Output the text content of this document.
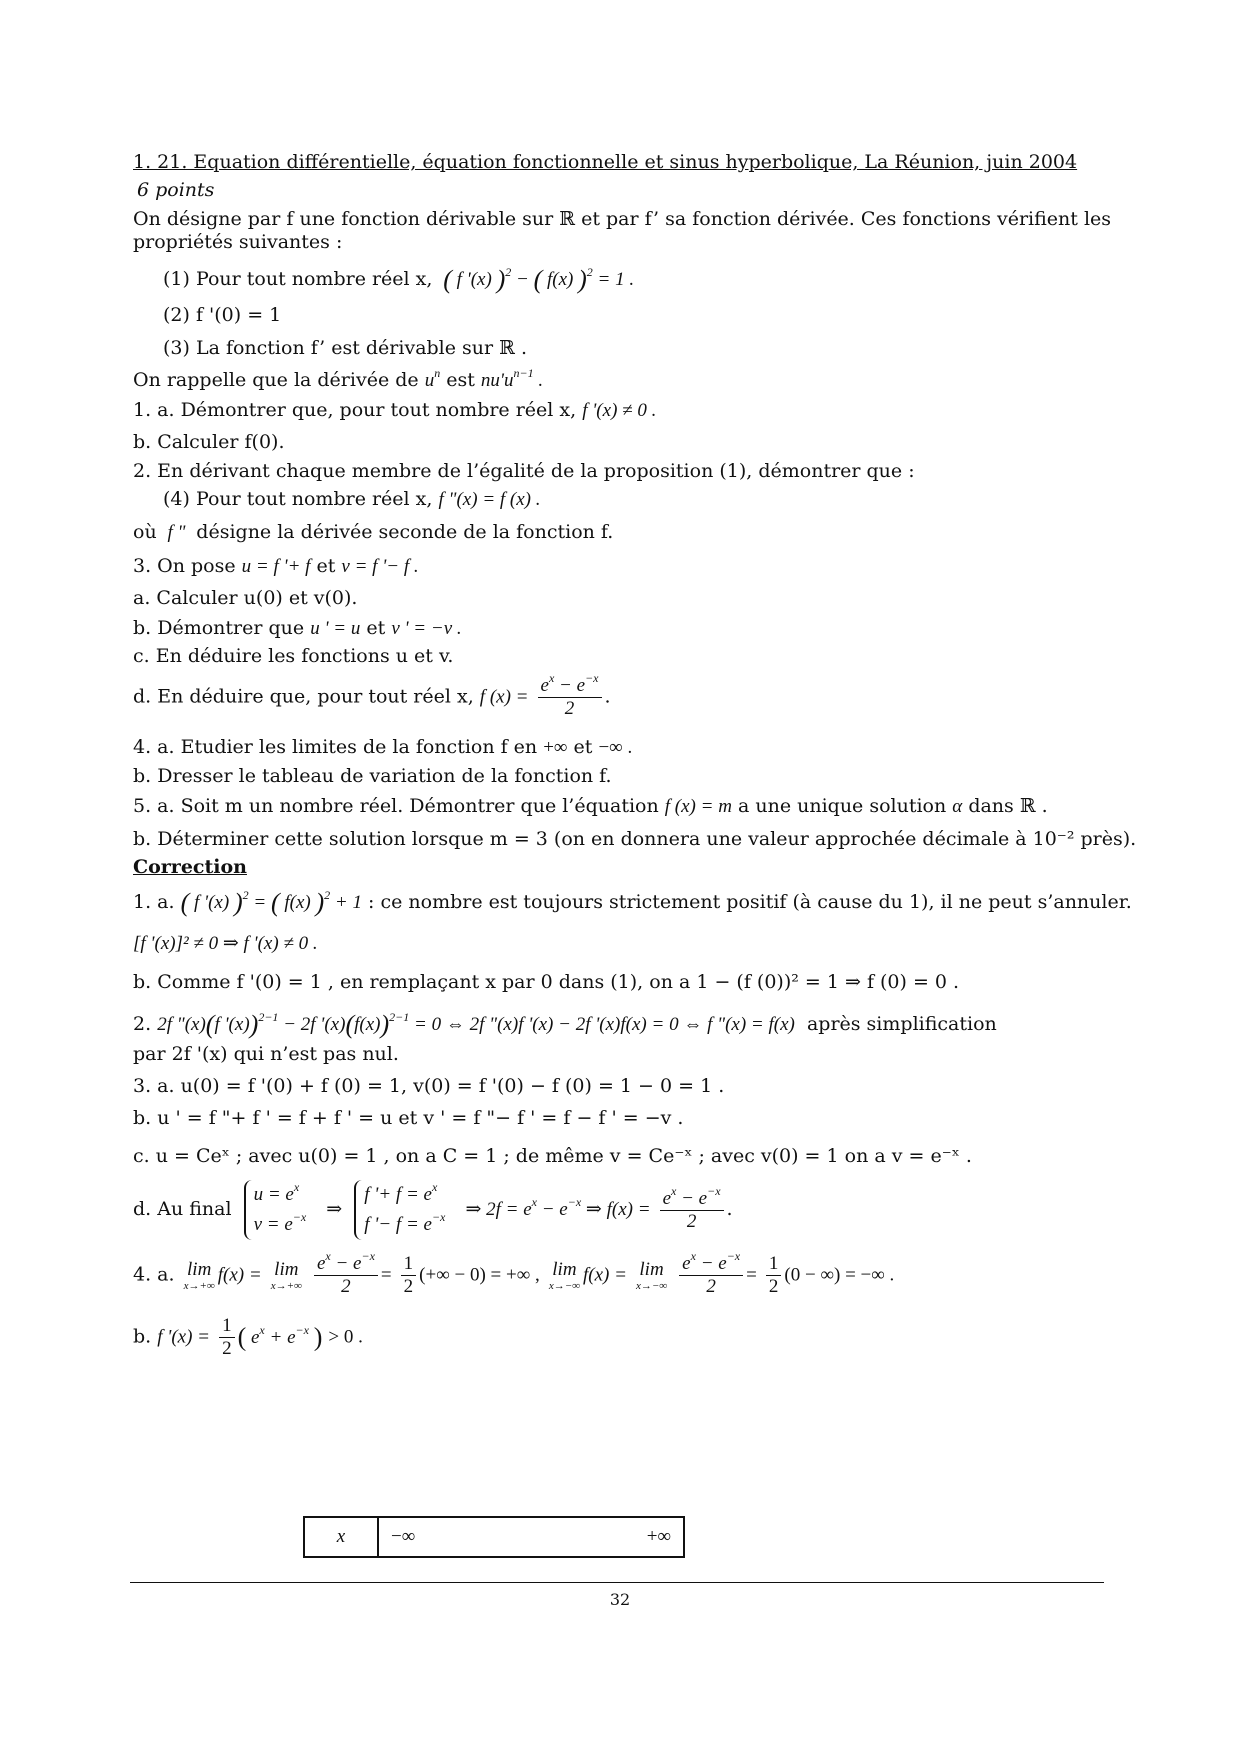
1. 21. Equation différentielle, équation fonctionnelle et sinus hyperbolique, La Réunion, juin 2004
6 points
On désigne par f une fonction dérivable sur ℝ et par f’ sa fonction dérivée. Ces fonctions vérifient les
propriétés suivantes :
(1) Pour tout nombre réel x, ( f '(x) )$^2$ − ( f(x) )$^2$ = 1 .
(2) f '(0) = 1
(3) La fonction f’ est dérivable sur ℝ .
On rappelle que la dérivée de $u^n$ est $nu'u^{n-1}$ .
1. a. Démontrer que, pour tout nombre réel x, f '(x) ≠ 0 .
b. Calculer f(0).
2. En dérivant chaque membre de l’égalité de la proposition (1), démontrer que :
(4) Pour tout nombre réel x, f "(x) = f (x) .
où  f "  désigne la dérivée seconde de la fonction f.
3. On pose u = f '+ f et v = f '− f .
a. Calculer u(0) et v(0).
b. Démontrer que u ' = u et v ' = −v .
c. En déduire les fonctions u et v.
d. En déduire que, pour tout réel x, f $(x) = \frac{e^x - e^{-x}}{2}$ .
4. a. Etudier les limites de la fonction f en +∞ et −∞ .
b. Dresser le tableau de variation de la fonction f.
5. a. Soit m un nombre réel. Démontrer que l’équation f (x) = m a une unique solution α dans ℝ .
b. Déterminer cette solution lorsque m = 3 (on en donnera une valeur approchée décimale à 10⁻² près).
Correction
1. a. ( f '(x) )$^2$ = ( f(x) )$^2$ + 1 : ce nombre est toujours strictement positif (à cause du 1), il ne peut s’annuler.
[f '(x)]² ≠ 0 ⇒ f '(x) ≠ 0 .
b. Comme f '(0) = 1 , en remplaçant x par 0 dans (1), on a 1 − (f (0))² = 1 ⇒ f (0) = 0 .
2. 2f "(x)(f '(x))$^{2-1}$ − 2f '$(x)(f(x))^{2-1} = 0$ ⇔ 2f "(x)f '(x) − 2f '(x)f(x) = 0 ⇔ f "(x) = f(x) après simplification
par 2f '(x) qui n’est pas nul.
3. a. u(0) = f '(0) + f (0) = 1, v(0) = f '(0) − f (0) = 1 − 0 = 1 .
b. u ' = f "+ f ' = f + f ' = u et v ' = f "− f ' = f − f ' = −v .
c. u = Ceˣ ; avec u(0) = 1 , on a C = 1 ; de même v = Ce⁻ˣ ; avec v(0) = 1 on a v = e⁻ˣ .
d. Au final
$u = e^x$
$v = e^{-x}$ ⇒
f '+ $f = e^x$
f '− $f = e^{-x}$ ⇒ $2f = e^x - e^{-x}$ ⇒ $f(x) = \frac{e^x - e^{-x}}{2}$ .
4. a. lim
x→+∞ f(x) = lim
x→+∞
$\frac{e^x - e^{-x}}{2} = \frac{1}{2}$ (+∞ − 0) = +∞ , lim
x→−∞ f(x) = lim
x→−∞
$\frac{e^x - e^{-x}}{2} = \frac{1}{2} (0$ − ∞) = −∞ .
b. f '$(x) = \frac{1}{2}$ ( $e^x + e^{-x}$ ) > 0 .
x	−∞	+∞
32
